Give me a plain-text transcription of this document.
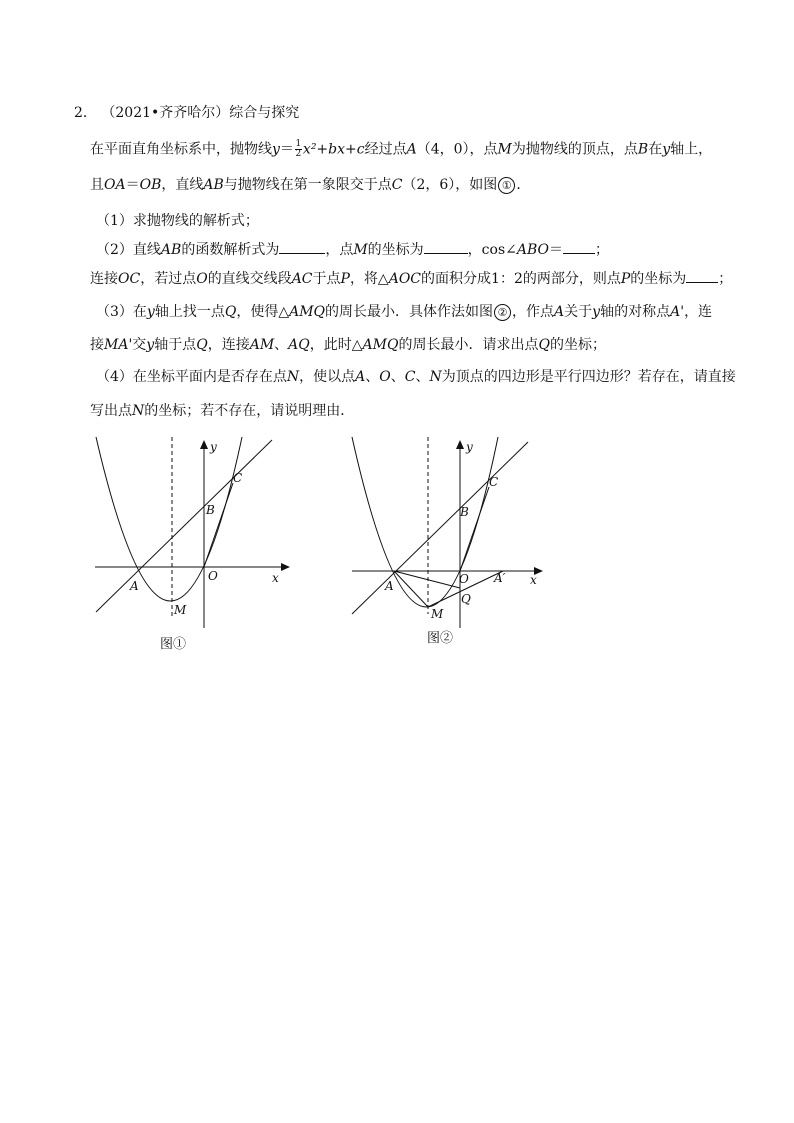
2． （2021•齐齐哈尔）综合与探究
在平面直角坐标系中，抛物线$y= \frac{1}{2} x^2+bx+c$经过点A（4，0），点M为抛物线的顶点，点B在y轴上，
且OA＝OB，直线AB与抛物线在第一象限交于点C（2，6），如图 ① ．
（1）求抛物线的解析式；
（2）直线AB的函数解析式为	，点M的坐标为	，cos∠ABO＝ ；
连接OC，若过点O的直线交线段AC于点P，将△AOC的面积分成1：2的两部分，则点P的坐标为 ；
（3）在y轴上找一点Q，使得△AMQ的周长最小．具体作法如图 ② ，作点A关于y轴的对称点A'，连
接MA'交y轴于点Q，连接AM、AQ，此时△AMQ的周长最小．请求出点Q的坐标；
（4）在坐标平面内是否存在点N，使以点A、O、C、N为顶点的四边形是平行四边形？若存在，请直接
写出点N的坐标；若不存在，请说明理由．
y
x
C
B
O
A
M
y
x
C
B
O
A
M
Q
A′
图①	图②
